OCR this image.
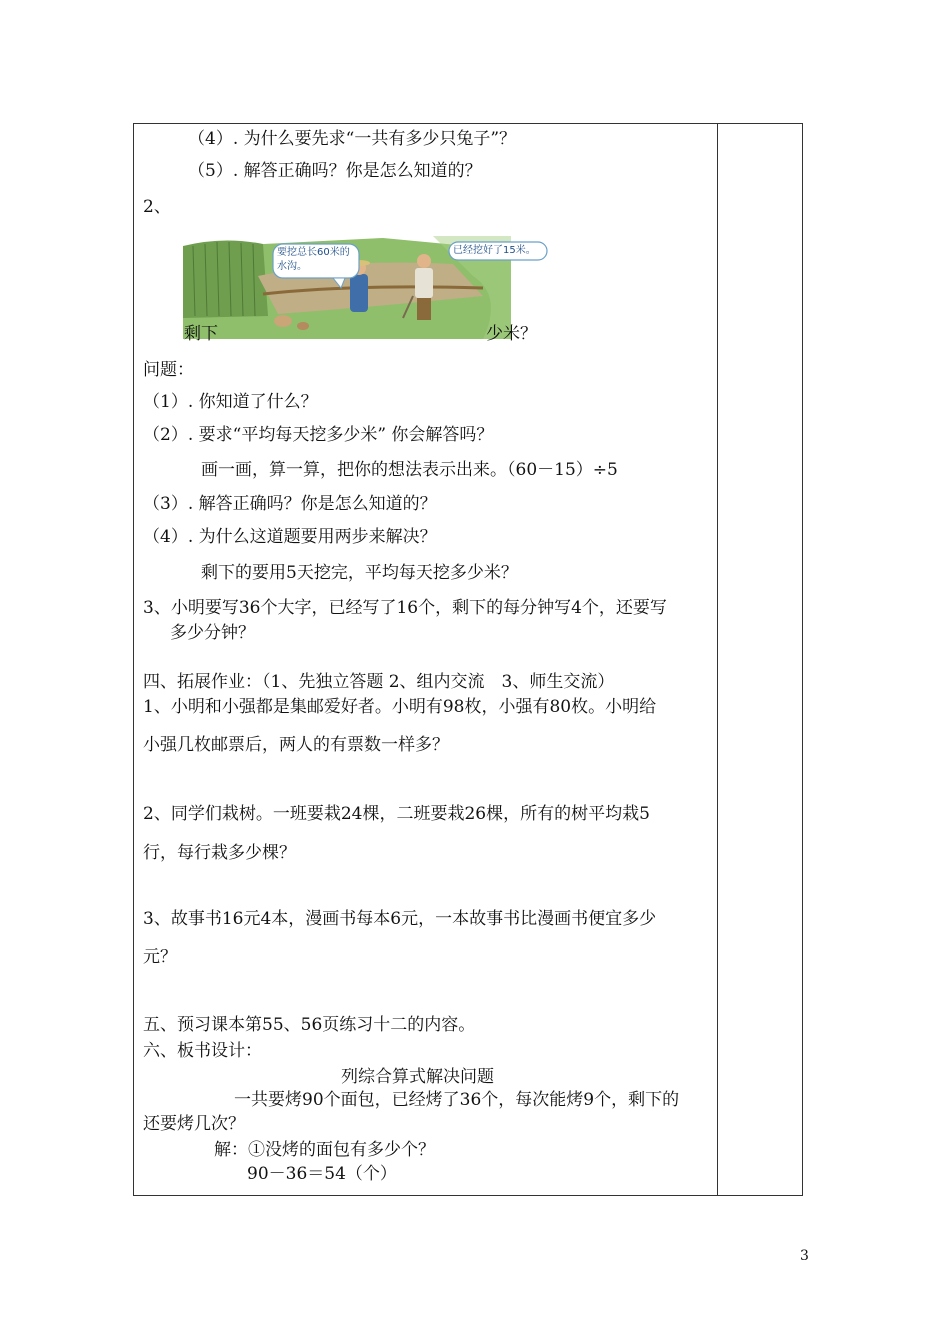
（4）. 为什么要先求“一共有多少只兔子”？
（5）. 解答正确吗？你是怎么知道的？
2、
要挖总长60米的水沟。
已经挖好了15米。
剩下	少米？
问题：
（1）. 你知道了什么？
（2）. 要求“平均每天挖多少米” 你会解答吗？
画一画，算一算，把你的想法表示出来。（60－15）÷5
（3）. 解答正确吗？你是怎么知道的？
（4）. 为什么这道题要用两步来解决？
剩下的要用5天挖完，平均每天挖多少米？
3、小明要写36个大字，已经写了16个，剩下的每分钟写4个，还要写
多少分钟？
四、拓展作业：（1、先独立答题 2、组内交流　3、师生交流）
1、小明和小强都是集邮爱好者。小明有98枚，小强有80枚。小明给
小强几枚邮票后，两人的有票数一样多？
2、同学们栽树。一班要栽24棵，二班要栽26棵，所有的树平均栽5
行，每行栽多少棵？
3、故事书16元4本，漫画书每本6元，一本故事书比漫画书便宜多少
元？
五、预习课本第55、56页练习十二的内容。
六、板书设计：
列综合算式解决问题
一共要烤90个面包，已经烤了36个，每次能烤9个，剩下的
还要烤几次？
解：①没烤的面包有多少个？
90－36＝54（个）
3
